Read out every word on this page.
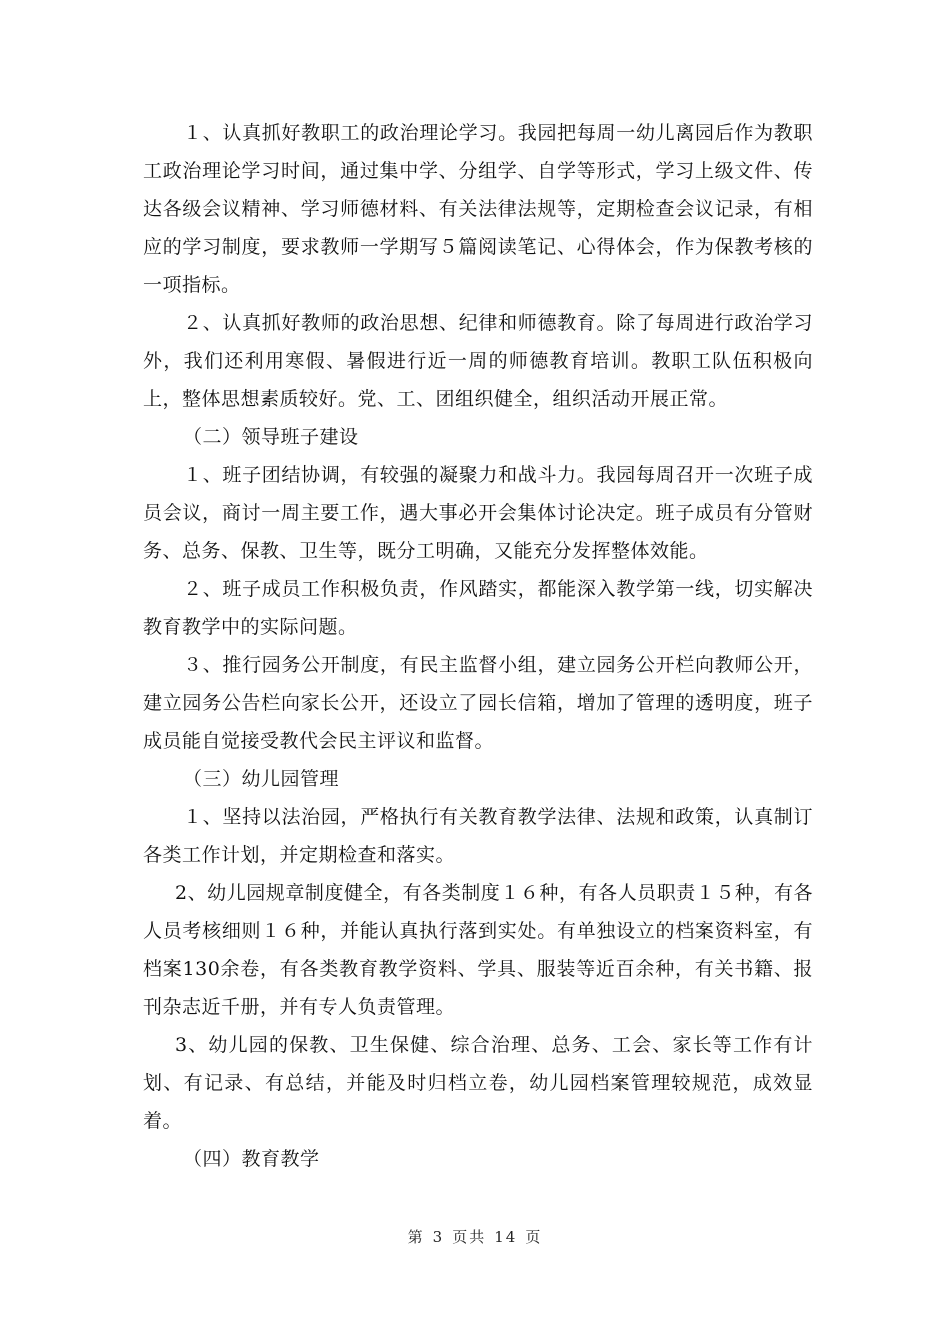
１、认真抓好教职工的政治理论学习。我园把每周一幼儿离园后作为教职工政治理论学习时间，通过集中学、分组学、自学等形式，学习上级文件、传达各级会议精神、学习师德材料、有关法律法规等，定期检查会议记录，有相应的学习制度，要求教师一学期写５篇阅读笔记、心得体会，作为保教考核的一项指标。

２、认真抓好教师的政治思想、纪律和师德教育。除了每周进行政治学习外，我们还利用寒假、暑假进行近一周的师德教育培训。教职工队伍积极向上，整体思想素质较好。党、工、团组织健全，组织活动开展正常。

（二）领导班子建设

１、班子团结协调，有较强的凝聚力和战斗力。我园每周召开一次班子成员会议，商讨一周主要工作，遇大事必开会集体讨论决定。班子成员有分管财务、总务、保教、卫生等，既分工明确，又能充分发挥整体效能。

２、班子成员工作积极负责，作风踏实，都能深入教学第一线，切实解决教育教学中的实际问题。

３、推行园务公开制度，有民主监督小组，建立园务公开栏向教师公开，建立园务公告栏向家长公开，还设立了园长信箱，增加了管理的透明度，班子成员能自觉接受教代会民主评议和监督。

（三）幼儿园管理

１、坚持以法治园，严格执行有关教育教学法律、法规和政策，认真制订各类工作计划，并定期检查和落实。

2、幼儿园规章制度健全，有各类制度１６种，有各人员职责１５种，有各人员考核细则１６种，并能认真执行落到实处。有单独设立的档案资料室，有档案130余卷，有各类教育教学资料、学具、服装等近百余种，有关书籍、报刊杂志近千册，并有专人负责管理。

3、幼儿园的保教、卫生保健、综合治理、总务、工会、家长等工作有计划、有记录、有总结，并能及时归档立卷，幼儿园档案管理较规范，成效显着。

（四）教育教学

第 3 页共 14 页
